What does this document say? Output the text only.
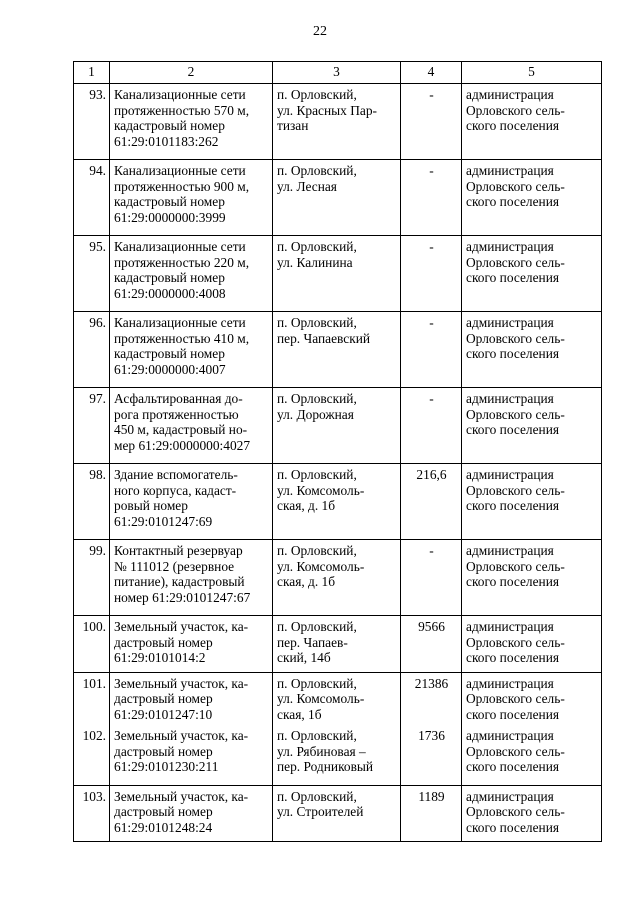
22
1	2	3	4	5
93.	Канализационные сети
протяженностью 570 м,
кадастровый номер
61:29:0101183:262	п. Орловский,
ул. Красных Пар-
тизан	-	администрация
Орловского сель-
ского поселения

94.	Канализационные сети
протяженностью 900 м,
кадастровый номер
61:29:0000000:3999	п. Орловский,
ул. Лесная	-	администрация
Орловского сель-
ского поселения

95.	Канализационные сети
протяженностью 220 м,
кадастровый номер
61:29:0000000:4008	п. Орловский,
ул. Калинина	-	администрация
Орловского сель-
ского поселения

96.	Канализационные сети
протяженностью 410 м,
кадастровый номер
61:29:0000000:4007	п. Орловский,
пер. Чапаевский	-	администрация
Орловского сель-
ского поселения

97.	Асфальтированная до-
рога протяженностью
450 м, кадастровый но-
мер 61:29:0000000:4027	п. Орловский,
ул. Дорожная	-	администрация
Орловского сель-
ского поселения

98.	Здание вспомогатель-
ного корпуса, кадаст-
ровый номер
61:29:0101247:69	п. Орловский,
ул. Комсомоль-
ская, д. 1б	216,6	администрация
Орловского сель-
ского поселения

99.	Контактный резервуар
№ 111012 (резервное
питание), кадастровый
номер 61:29:0101247:67	п. Орловский,
ул. Комсомоль-
ская, д. 1б	-	администрация
Орловского сель-
ского поселения

100.	Земельный участок, ка-
дастровый номер
61:29:0101014:2	п. Орловский,
пер. Чапаев-
ский, 14б	9566	администрация
Орловского сель-
ского поселения

101.	Земельный участок, ка-
дастровый номер
61:29:0101247:10	п. Орловский,
ул. Комсомоль-
ская, 1б	21386	администрация
Орловского сель-
ского поселения

102.	Земельный участок, ка-
дастровый номер
61:29:0101230:211	п. Орловский,
ул. Рябиновая –
пер. Родниковый	1736	администрация
Орловского сель-
ского поселения

103.	Земельный участок, ка-
дастровый номер
61:29:0101248:24	п. Орловский,
ул. Строителей	1189	администрация
Орловского сель-
ского поселения
